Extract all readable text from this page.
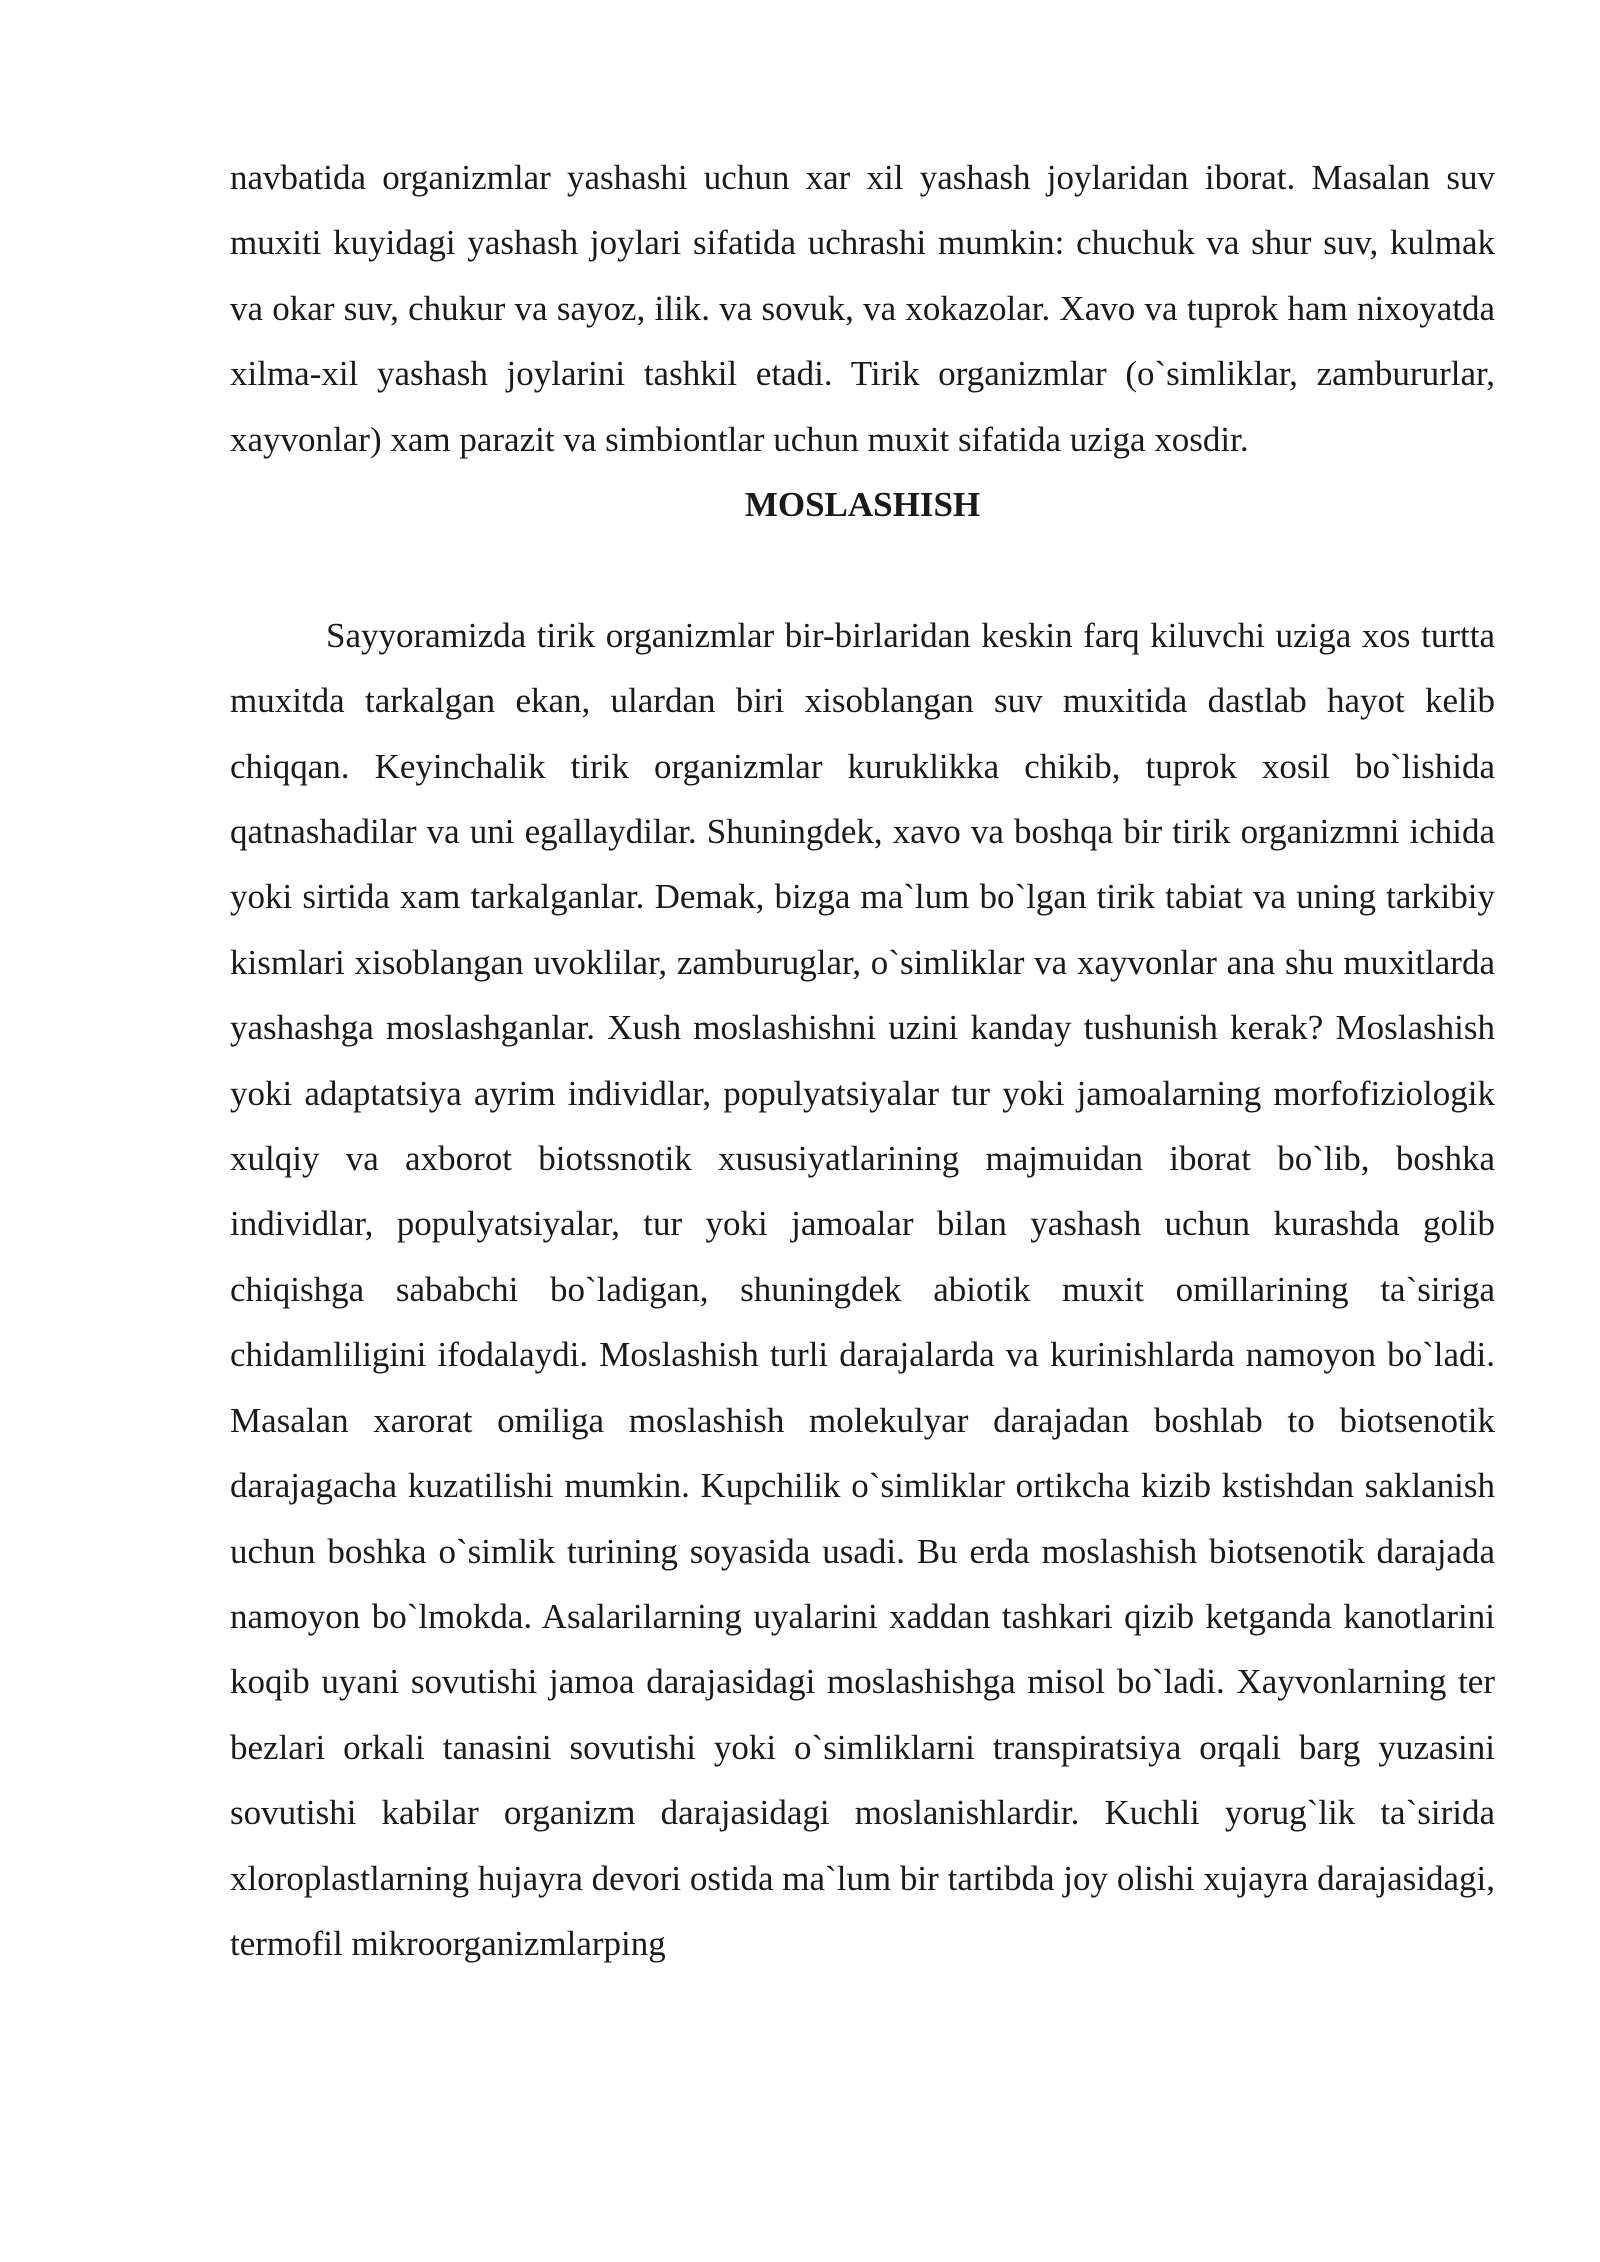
navbatida organizmlar yashashi uchun xar xil yashash joylaridan iborat. Masalan suv muxiti kuyidagi yashash joylari sifatida uchrashi mumkin: chuchuk va shur suv, kulmak va okar suv, chukur va sayoz, ilik. va sovuk, va xokazolar. Xavo va tuprok ham nixoyatda xilma-xil yashash joylarini tashkil etadi. Tirik organizmlar (o`simliklar, zambururlar, xayvonlar) xam parazit va simbiontlar uchun muxit sifatida uziga xosdir.

MOSLASHISH

Sayyoramizda tirik organizmlar bir-birlaridan keskin farq kiluvchi uziga xos turtta muxitda tarkalgan ekan, ulardan biri xisoblangan suv muxitida dastlab hayot kelib chiqqan. Keyinchalik tirik organizmlar kuruklikka chikib, tuprok xosil bo`lishida qatnashadilar va uni egallaydilar. Shuningdek, xavo va boshqa bir tirik organizmni ichida yoki sirtida xam tarkalganlar. Demak, bizga ma`lum bo`lgan tirik tabiat va uning tarkibiy kismlari xisoblangan uvoklilar, zamburuglar, o`simliklar va xayvonlar ana shu muxitlarda yashashga moslashganlar. Xush moslashishni uzini kanday tushunish kerak? Moslashish yoki adaptatsiya ayrim individlar, populyatsiyalar tur yoki jamoalarning morfofiziologik xulqiy va axborot biotssnotik xususiyatlarining majmuidan iborat bo`lib, boshka individlar, populyatsiyalar, tur yoki jamoalar bilan yashash uchun kurashda golib chiqishga sababchi bo`ladigan, shuningdek abiotik muxit omillarining ta`siriga chidamliligini ifodalaydi. Moslashish turli darajalarda va kurinishlarda namoyon bo`ladi. Masalan xarorat omiliga moslashish molekulyar darajadan boshlab to biotsenotik darajagacha kuzatilishi mumkin. Kupchilik o`simliklar ortikcha kizib kstishdan saklanish uchun boshka o`simlik turining soyasida usadi. Bu erda moslashish biotsenotik darajada namoyon bo`lmokda. Asalarilarning uyalarini xaddan tashkari qizib ketganda kanotlarini koqib uyani sovutishi jamoa darajasidagi moslashishga misol bo`ladi. Xayvonlarning ter bezlari orkali tanasini sovutishi yoki o`simliklarni transpiratsiya orqali barg yuzasini sovutishi kabilar organizm darajasidagi moslanishlardir. Kuchli yorug`lik ta`sirida xloroplastlarning hujayra devori ostida ma`lum bir tartibda joy olishi xujayra darajasidagi, termofil mikroorganizmlarping
